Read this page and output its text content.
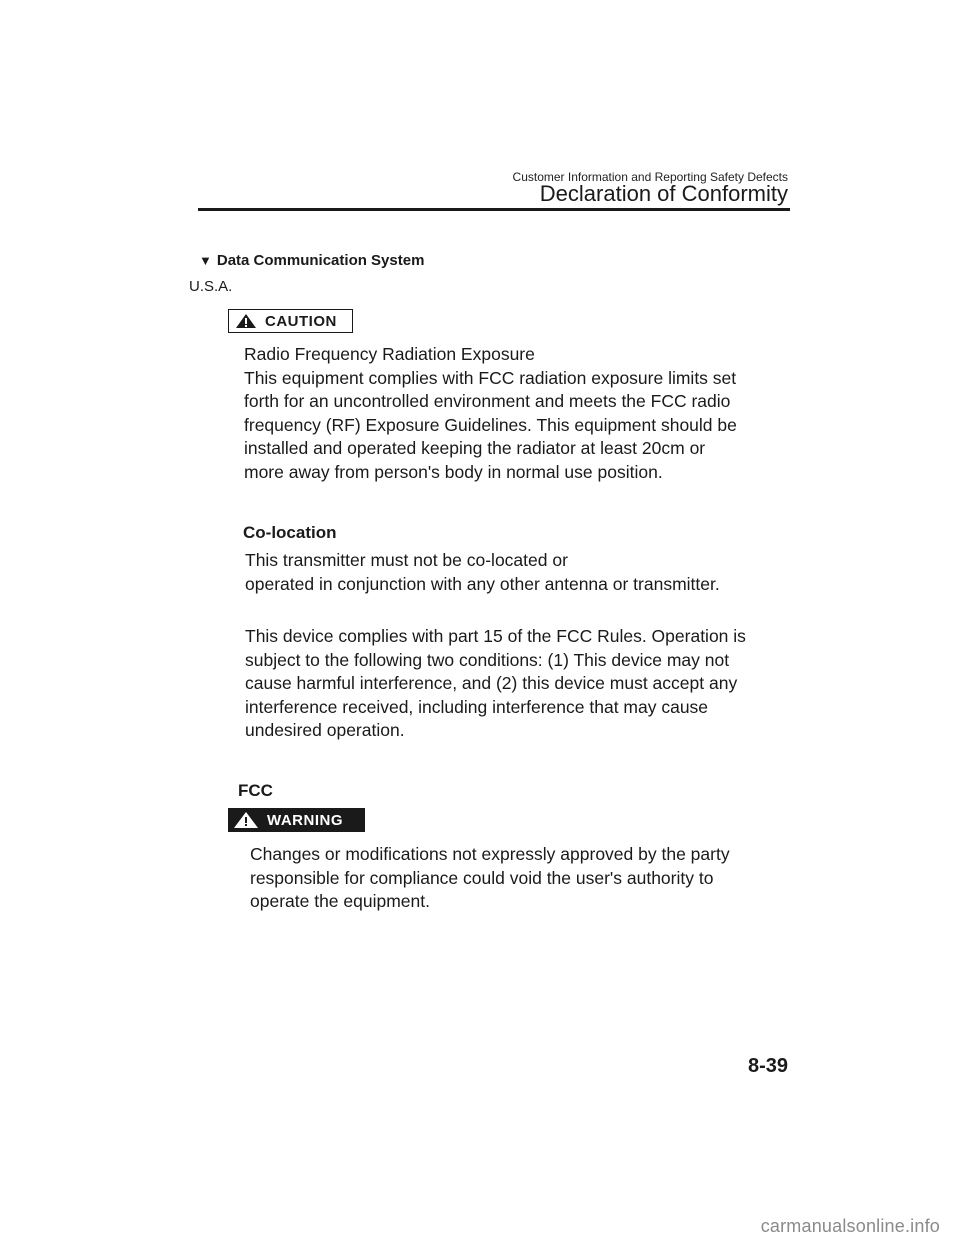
Customer Information and Reporting Safety Defects
Declaration of Conformity
▼ Data Communication System
U.S.A.
CAUTION

Radio Frequency Radiation Exposure

This equipment complies with FCC radiation exposure limits set

forth for an uncontrolled environment and meets the FCC radio

frequency (RF) Exposure Guidelines. This equipment should be

installed and operated keeping the radiator at least 20cm or

more away from person's body in normal use position.

Co-location

This transmitter must not be co-located or

operated in conjunction with any other antenna or transmitter.

This device complies with part 15 of the FCC Rules. Operation is

subject to the following two conditions: (1) This device may not

cause harmful interference, and (2) this device must accept any

interference received, including interference that may cause

undesired operation.

FCC
WARNING

Changes or modifications not expressly approved by the party

responsible for compliance could void the user's authority to

operate the equipment.

8-39
carmanualsonline.info
